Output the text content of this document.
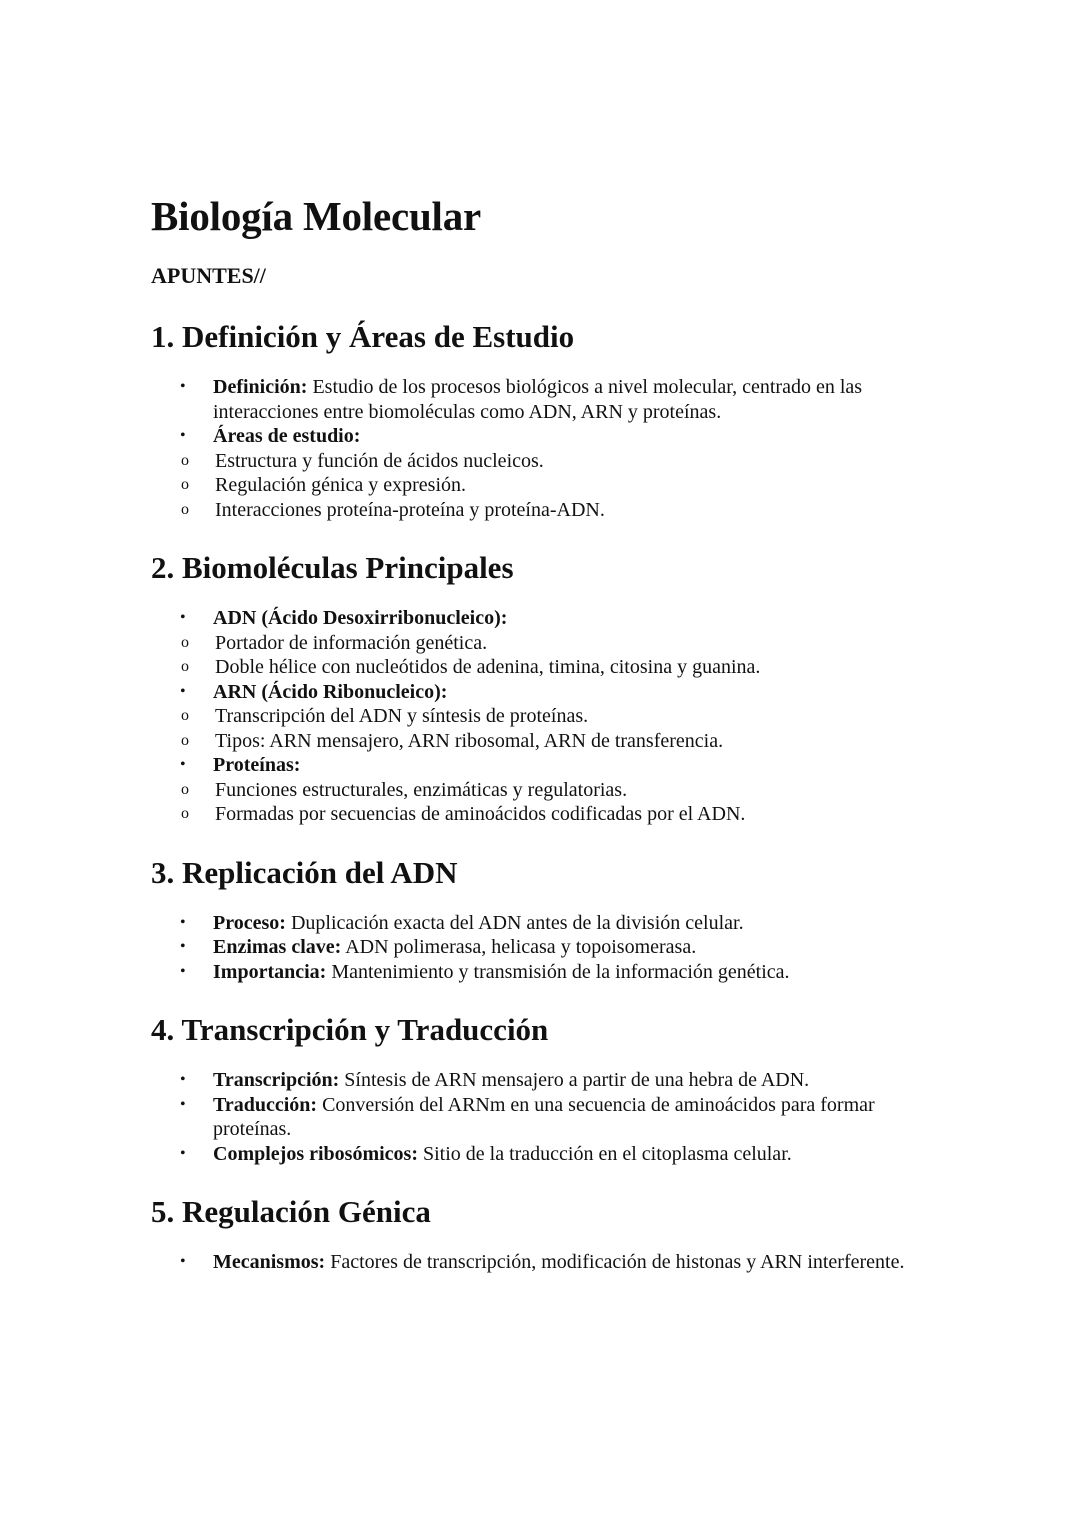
Biología Molecular
APUNTES//
1. Definición y Áreas de Estudio
• Definición: Estudio de los procesos biológicos a nivel molecular, centrado en las interacciones entre biomoléculas como ADN, ARN y proteínas.
• Áreas de estudio:
o Estructura y función de ácidos nucleicos.
o Regulación génica y expresión.
o Interacciones proteína-proteína y proteína-ADN.
2. Biomoléculas Principales
• ADN (Ácido Desoxirribonucleico):
o Portador de información genética.
o Doble hélice con nucleótidos de adenina, timina, citosina y guanina.
• ARN (Ácido Ribonucleico):
o Transcripción del ADN y síntesis de proteínas.
o Tipos: ARN mensajero, ARN ribosomal, ARN de transferencia.
• Proteínas:
o Funciones estructurales, enzimáticas y regulatorias.
o Formadas por secuencias de aminoácidos codificadas por el ADN.
3. Replicación del ADN
• Proceso: Duplicación exacta del ADN antes de la división celular.
• Enzimas clave: ADN polimerasa, helicasa y topoisomerasa.
• Importancia: Mantenimiento y transmisión de la información genética.
4. Transcripción y Traducción
• Transcripción: Síntesis de ARN mensajero a partir de una hebra de ADN.
• Traducción: Conversión del ARNm en una secuencia de aminoácidos para formar proteínas.
• Complejos ribosómicos: Sitio de la traducción en el citoplasma celular.
5. Regulación Génica
• Mecanismos: Factores de transcripción, modificación de histonas y ARN interferente.
